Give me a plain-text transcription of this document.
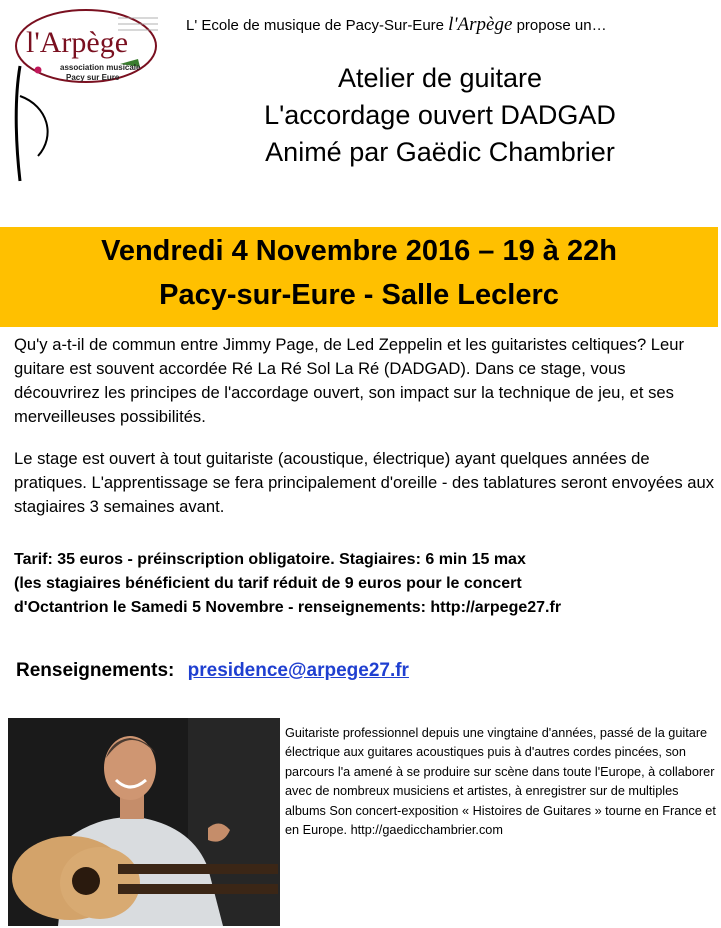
l'Arpège
association musicale
Pacy sur Eure
L' Ecole de musique de Pacy-Sur-Eure l'Arpège propose un…
Atelier de guitare
L'accordage ouvert DADGAD
Animé par Gaëdic Chambrier
Vendredi 4 Novembre 2016 – 19 à 22h
Pacy-sur-Eure - Salle Leclerc
Qu'y a-t-il de commun entre Jimmy Page, de Led Zeppelin et les guitaristes celtiques? Leur guitare est souvent accordée Ré La Ré Sol La Ré (DADGAD). Dans ce stage, vous découvrirez les principes de l'accordage ouvert, son impact sur la technique de jeu, et ses merveilleuses possibilités.
Le stage est ouvert à tout guitariste (acoustique, électrique) ayant quelques années de pratiques. L'apprentissage se fera principalement d'oreille - des tablatures seront envoyées aux stagiaires 3 semaines avant.
Tarif: 35 euros - préinscription obligatoire. Stagiaires: 6 min 15 max
(les stagiaires bénéficient du tarif réduit de 9 euros pour le concert
d'Octantrion le Samedi 5 Novembre - renseignements: http://arpege27.fr
Renseignements: presidence@arpege27.fr
Guitariste professionnel depuis une vingtaine d'années, passé de la guitare électrique aux guitares acoustiques puis à d'autres cordes pincées, son parcours l'a amené à se produire sur scène dans toute l'Europe, à collaborer avec de nombreux musiciens et artistes, à enregistrer sur de multiples albums Son concert-exposition « Histoires de Guitares » tourne en France et en Europe. http://gaedicchambrier.com
